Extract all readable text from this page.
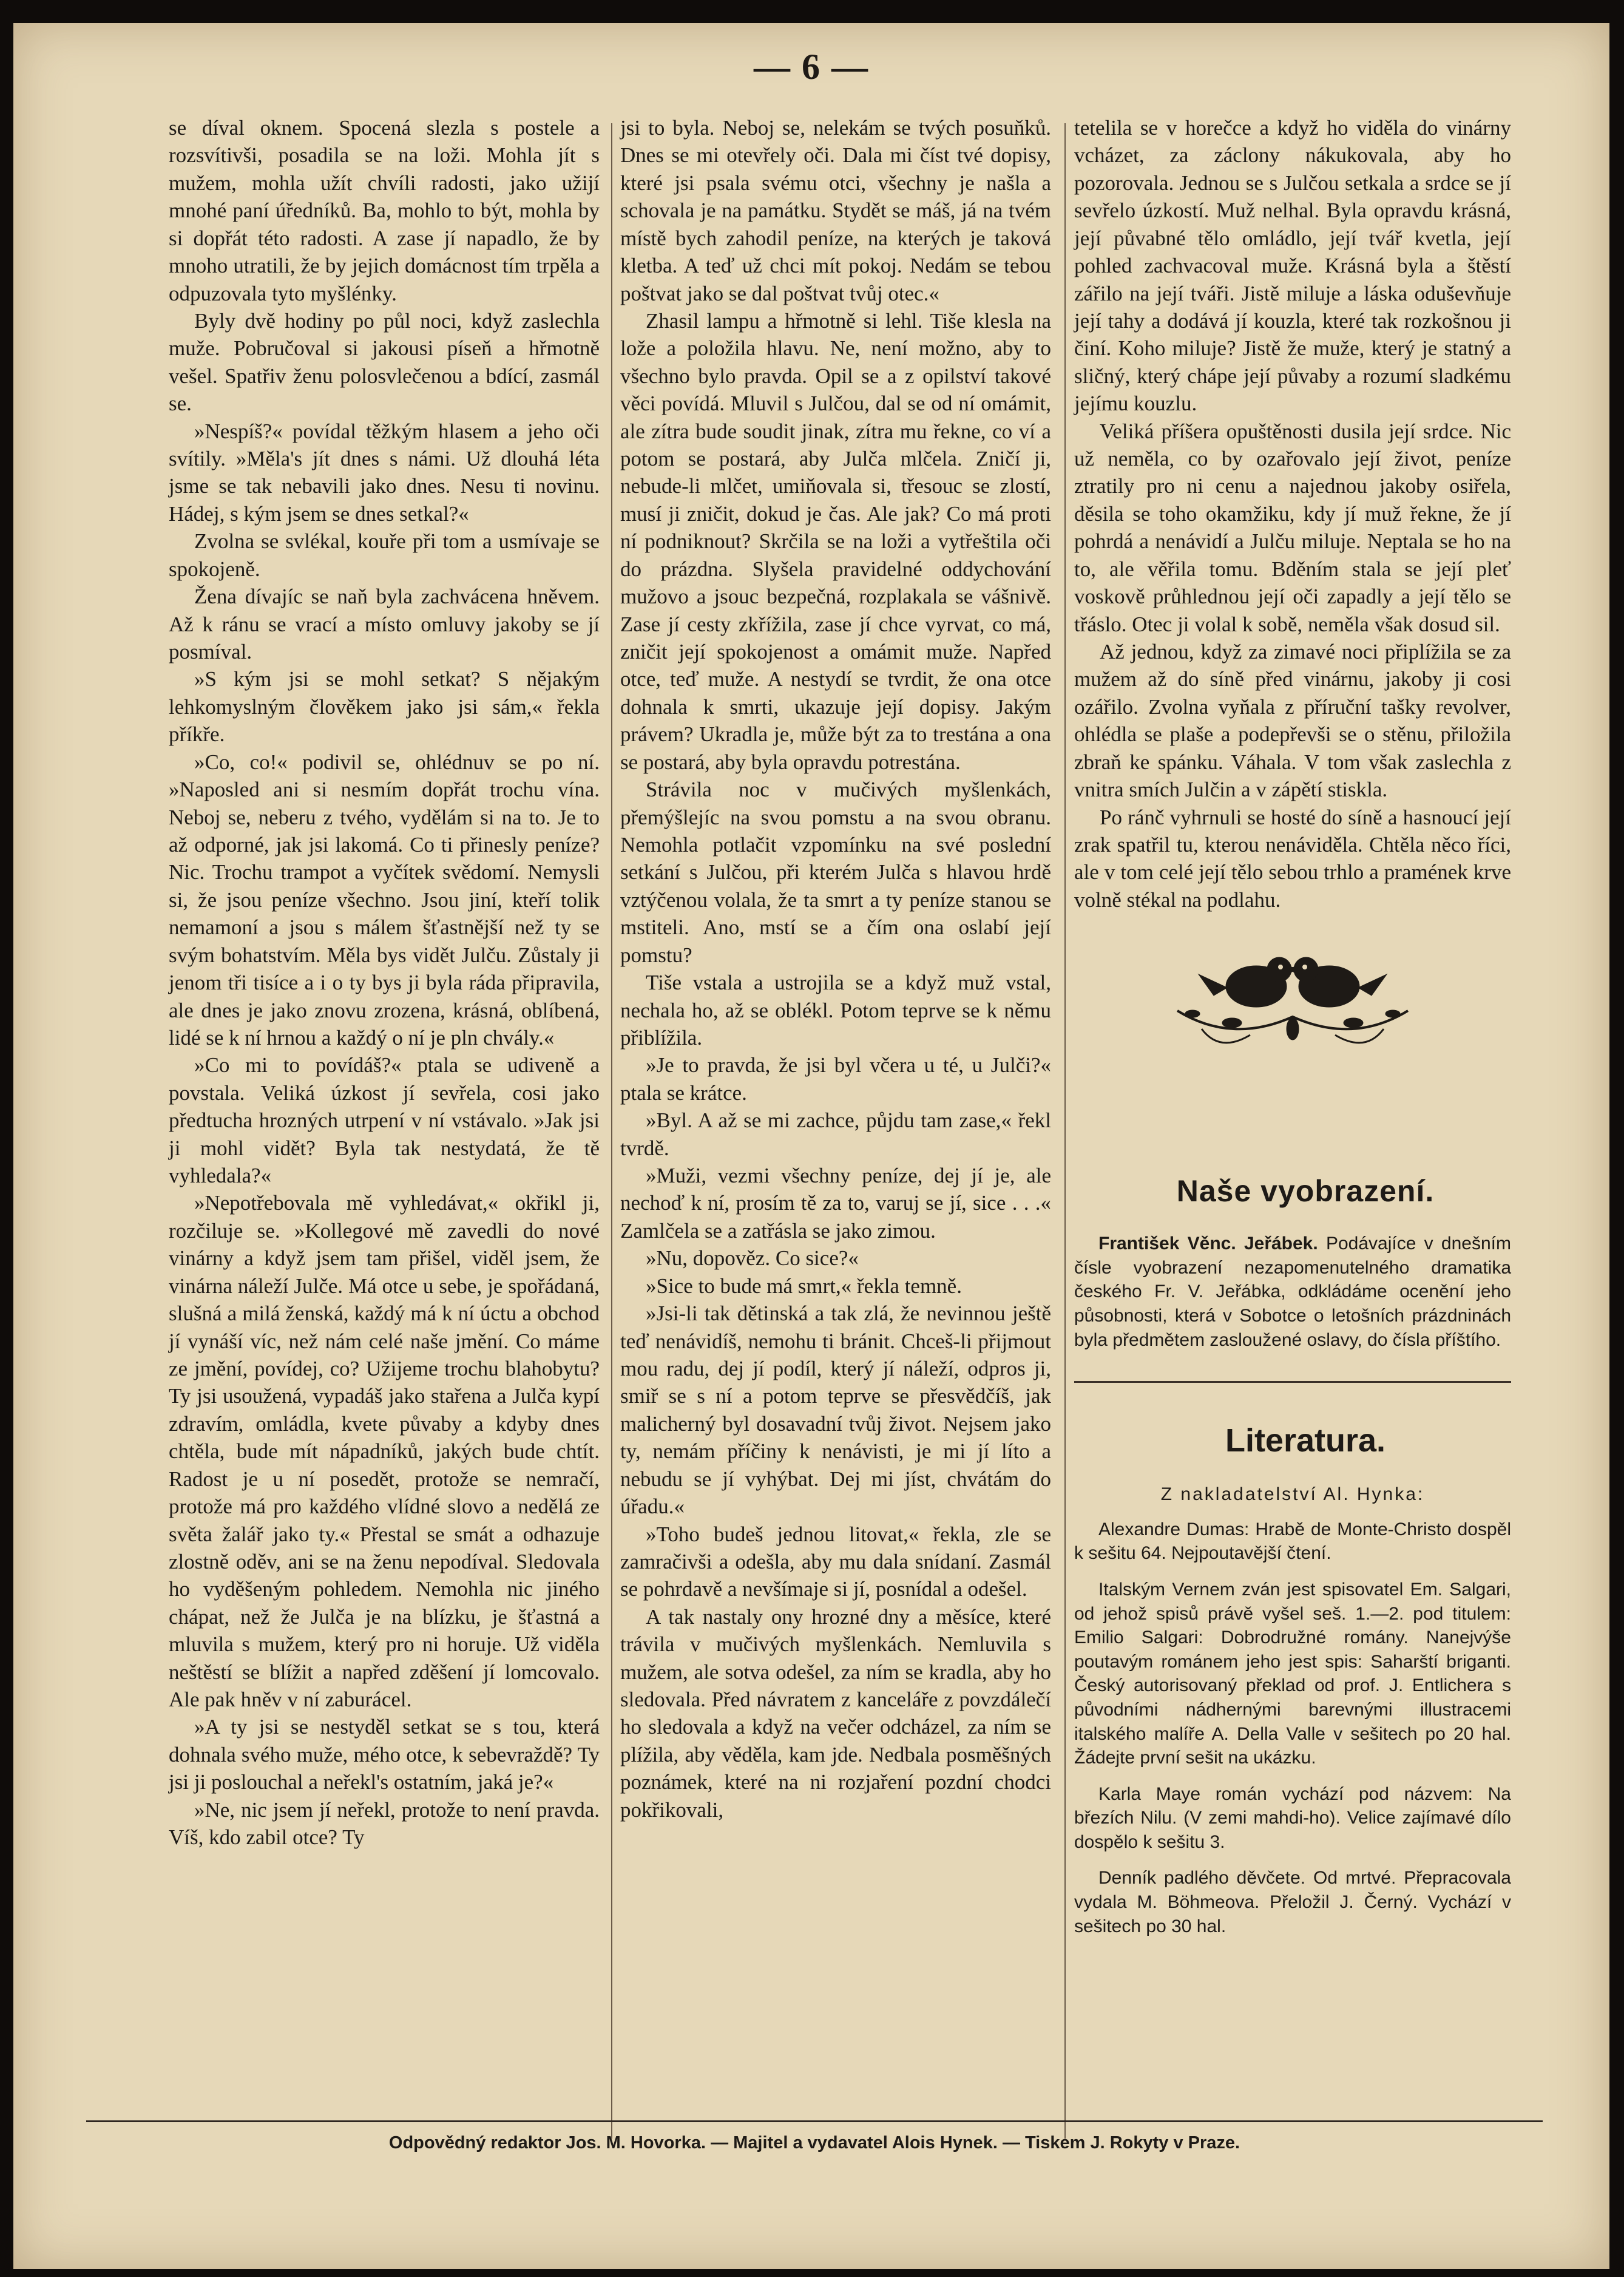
— 6 —

se díval oknem. Spocená slezla s postele a rozsvítivši, posadila se na loži. Mohla jít s mužem, mohla užít chvíli radosti, jako užijí mnohé paní úředníků. Ba, mohlo to být, mohla by si dopřát této radosti. A zase jí napadlo, že by mnoho utratili, že by jejich domácnost tím trpěla a odpuzovala tyto myšlénky.

Byly dvě hodiny po půl noci, když zaslechla muže. Pobručoval si jakousi píseň a hřmotně vešel. Spatřiv ženu polosvlečenou a bdící, zasmál se.

»Nespíš?« povídal těžkým hlasem a jeho oči svítily. »Měla's jít dnes s námi. Už dlouhá léta jsme se tak nebavili jako dnes. Nesu ti novinu. Hádej, s kým jsem se dnes setkal?«

Zvolna se svlékal, kouře při tom a usmívaje se spokojeně.

Žena dívajíc se naň byla zachvácena hněvem. Až k ránu se vrací a místo omluvy jakoby se jí posmíval.

»S kým jsi se mohl setkat? S nějakým lehkomyslným člověkem jako jsi sám,« řekla příkře.

»Co, co!« podivil se, ohlédnuv se po ní. »Naposled ani si nesmím dopřát trochu vína. Neboj se, neberu z tvého, vydělám si na to. Je to až odporné, jak jsi lakomá. Co ti přinesly peníze? Nic. Trochu trampot a vyčítek svědomí. Nemysli si, že jsou peníze všechno. Jsou jiní, kteří tolik nemamoní a jsou s málem šťastnější než ty se svým bohatstvím. Měla bys vidět Julču. Zůstaly ji jenom tři tisíce a i o ty bys ji byla ráda připravila, ale dnes je jako znovu zrozena, krásná, oblíbená, lidé se k ní hrnou a každý o ní je pln chvály.«

»Co mi to povídáš?« ptala se udiveně a povstala. Veliká úzkost jí sevřela, cosi jako předtucha hrozných utrpení v ní vstávalo. »Jak jsi ji mohl vidět? Byla tak nestydatá, že tě vyhledala?«

»Nepotřebovala mě vyhledávat,« okřikl ji, rozčiluje se. »Kollegové mě zavedli do nové vinárny a když jsem tam přišel, viděl jsem, že vinárna náleží Julče. Má otce u sebe, je spořádaná, slušná a milá ženská, každý má k ní úctu a obchod jí vynáší víc, než nám celé naše jmění. Co máme ze jmění, povídej, co? Užijeme trochu blahobytu? Ty jsi usoužená, vypadáš jako stařena a Julča kypí zdravím, omládla, kvete půvaby a kdyby dnes chtěla, bude mít nápadníků, jakých bude chtít. Radost je u ní posedět, protože se nemračí, protože má pro každého vlídné slovo a nedělá ze světa žalář jako ty.« Přestal se smát a odhazuje zlostně oděv, ani se na ženu nepodíval. Sledovala ho vyděšeným pohledem. Nemohla nic jiného chápat, než že Julča je na blízku, je šťastná a mluvila s mužem, který pro ni horuje. Už viděla neštěstí se blížit a napřed zděšení jí lomcovalo. Ale pak hněv v ní zaburácel.

»A ty jsi se nestyděl setkat se s tou, která dohnala svého muže, mého otce, k sebevraždě? Ty jsi ji poslouchal a neřekl's ostatním, jaká je?«

»Ne, nic jsem jí neřekl, protože to není pravda. Víš, kdo zabil otce? Ty

jsi to byla. Neboj se, nelekám se tvých posuňků. Dnes se mi otevřely oči. Dala mi číst tvé dopisy, které jsi psala svému otci, všechny je našla a schovala je na památku. Stydět se máš, já na tvém místě bych zahodil peníze, na kterých je taková kletba. A teď už chci mít pokoj. Nedám se tebou poštvat jako se dal poštvat tvůj otec.«

Zhasil lampu a hřmotně si lehl. Tiše klesla na lože a položila hlavu. Ne, není možno, aby to všechno bylo pravda. Opil se a z opilství takové věci povídá. Mluvil s Julčou, dal se od ní omámit, ale zítra bude soudit jinak, zítra mu řekne, co ví a potom se postará, aby Julča mlčela. Zničí ji, nebude-li mlčet, umiňovala si, třesouc se zlostí, musí ji zničit, dokud je čas. Ale jak? Co má proti ní podniknout? Skrčila se na loži a vytřeštila oči do prázdna. Slyšela pravidelné oddychování mužovo a jsouc bezpečná, rozplakala se vášnivě. Zase jí cesty zkřížila, zase jí chce vyrvat, co má, zničit její spokojenost a omámit muže. Napřed otce, teď muže. A nestydí se tvrdit, že ona otce dohnala k smrti, ukazuje její dopisy. Jakým právem? Ukradla je, může být za to trestána a ona se postará, aby byla opravdu potrestána.

Strávila noc v mučivých myšlenkách, přemýšlejíc na svou pomstu a na svou obranu. Nemohla potlačit vzpomínku na své poslední setkání s Julčou, při kterém Julča s hlavou hrdě vztýčenou volala, že ta smrt a ty peníze stanou se mstiteli. Ano, mstí se a čím ona oslabí její pomstu?

Tiše vstala a ustrojila se a když muž vstal, nechala ho, až se oblékl. Potom teprve se k němu přiblížila.

»Je to pravda, že jsi byl včera u té, u Julči?« ptala se krátce.

»Byl. A až se mi zachce, půjdu tam zase,« řekl tvrdě.

»Muži, vezmi všechny peníze, dej jí je, ale nechoď k ní, prosím tě za to, varuj se jí, sice . . .« Zamlčela se a zatřásla se jako zimou.

»Nu, dopověz. Co sice?«

»Sice to bude má smrt,« řekla temně.

»Jsi-li tak dětinská a tak zlá, že nevinnou ještě teď nenávidíš, nemohu ti bránit. Chceš-li přijmout mou radu, dej jí podíl, který jí náleží, odpros ji, smiř se s ní a potom teprve se přesvědčíš, jak malicherný byl dosavadní tvůj život. Nejsem jako ty, nemám příčiny k nenávisti, je mi jí líto a nebudu se jí vyhýbat. Dej mi jíst, chvátám do úřadu.«

»Toho budeš jednou litovat,« řekla, zle se zamračivši a odešla, aby mu dala snídaní. Zasmál se pohrdavě a nevšímaje si jí, posnídal a odešel.

A tak nastaly ony hrozné dny a měsíce, které trávila v mučivých myšlenkách. Nemluvila s mužem, ale sotva odešel, za ním se kradla, aby ho sledovala. Před návratem z kanceláře z povzdálečí ho sledovala a když na večer odcházel, za ním se plížila, aby věděla, kam jde. Nedbala posměšných poznámek, které na ni rozjaření pozdní chodci pokřikovali,

tetelila se v horečce a když ho viděla do vinárny vcházet, za záclony nákukovala, aby ho pozorovala. Jednou se s Julčou setkala a srdce se jí sevřelo úzkostí. Muž nelhal. Byla opravdu krásná, její půvabné tělo omládlo, její tvář kvetla, její pohled zachvacoval muže. Krásná byla a štěstí zářilo na její tváři. Jistě miluje a láska oduševňuje její tahy a dodává jí kouzla, které tak rozkošnou ji činí. Koho miluje? Jistě že muže, který je statný a sličný, který chápe její půvaby a rozumí sladkému jejímu kouzlu.

Veliká příšera opuštěnosti dusila její srdce. Nic už neměla, co by ozařovalo její život, peníze ztratily pro ni cenu a najednou jakoby osiřela, děsila se toho okamžiku, kdy jí muž řekne, že jí pohrdá a nenávidí a Julču miluje. Neptala se ho na to, ale věřila tomu. Bděním stala se její pleť voskově průhlednou její oči zapadly a její tělo se třáslo. Otec ji volal k sobě, neměla však dosud sil.

Až jednou, když za zimavé noci připlížila se za mužem až do síně před vinárnu, jakoby ji cosi ozářilo. Zvolna vyňala z příruční tašky revolver, ohlédla se plaše a podepřevši se o stěnu, přiložila zbraň ke spánku. Váhala. V tom však zaslechla z vnitra smích Julčin a v zápětí stiskla.

Po ránč vyhrnuli se hosté do síně a hasnoucí její zrak spatřil tu, kterou nenáviděla. Chtěla něco říci, ale v tom celé její tělo sebou trhlo a pramének krve volně stékal na podlahu.

Naše vyobrazení.

František Věnc. Jeřábek. Podávajíce v dnešním čísle vyobrazení nezapomenutelného dramatika českého Fr. V. Jeřábka, odkládáme ocenění jeho působnosti, která v Sobotce o letošních prázdninách byla předmětem zasloužené oslavy, do čísla příštího.

Literatura.

Z nakladatelství Al. Hynka:

Alexandre Dumas: Hrabě de Monte-Christo dospěl k sešitu 64. Nejpoutavější čtení.

Italským Vernem zván jest spisovatel Em. Salgari, od jehož spisů právě vyšel seš. 1.—2. pod titulem: Emilio Salgari: Dobrodružné romány. Nanejvýše poutavým románem jeho jest spis: Saharští briganti. Český autorisovaný překlad od prof. J. Entlichera s původními nádhernými barevnými illustracemi italského malíře A. Della Valle v sešitech po 20 hal. Žádejte první sešit na ukázku.

Karla Maye román vychází pod názvem: Na březích Nilu. (V zemi mahdi-ho). Velice zajímavé dílo dospělo k sešitu 3.

Denník padlého děvčete. Od mrtvé. Přepracovala vydala M. Böhmeova. Přeložil J. Černý. Vychází v sešitech po 30 hal.

Odpovědný redaktor Jos. M. Hovorka. — Majitel a vydavatel Alois Hynek. — Tiskem J. Rokyty v Praze.
